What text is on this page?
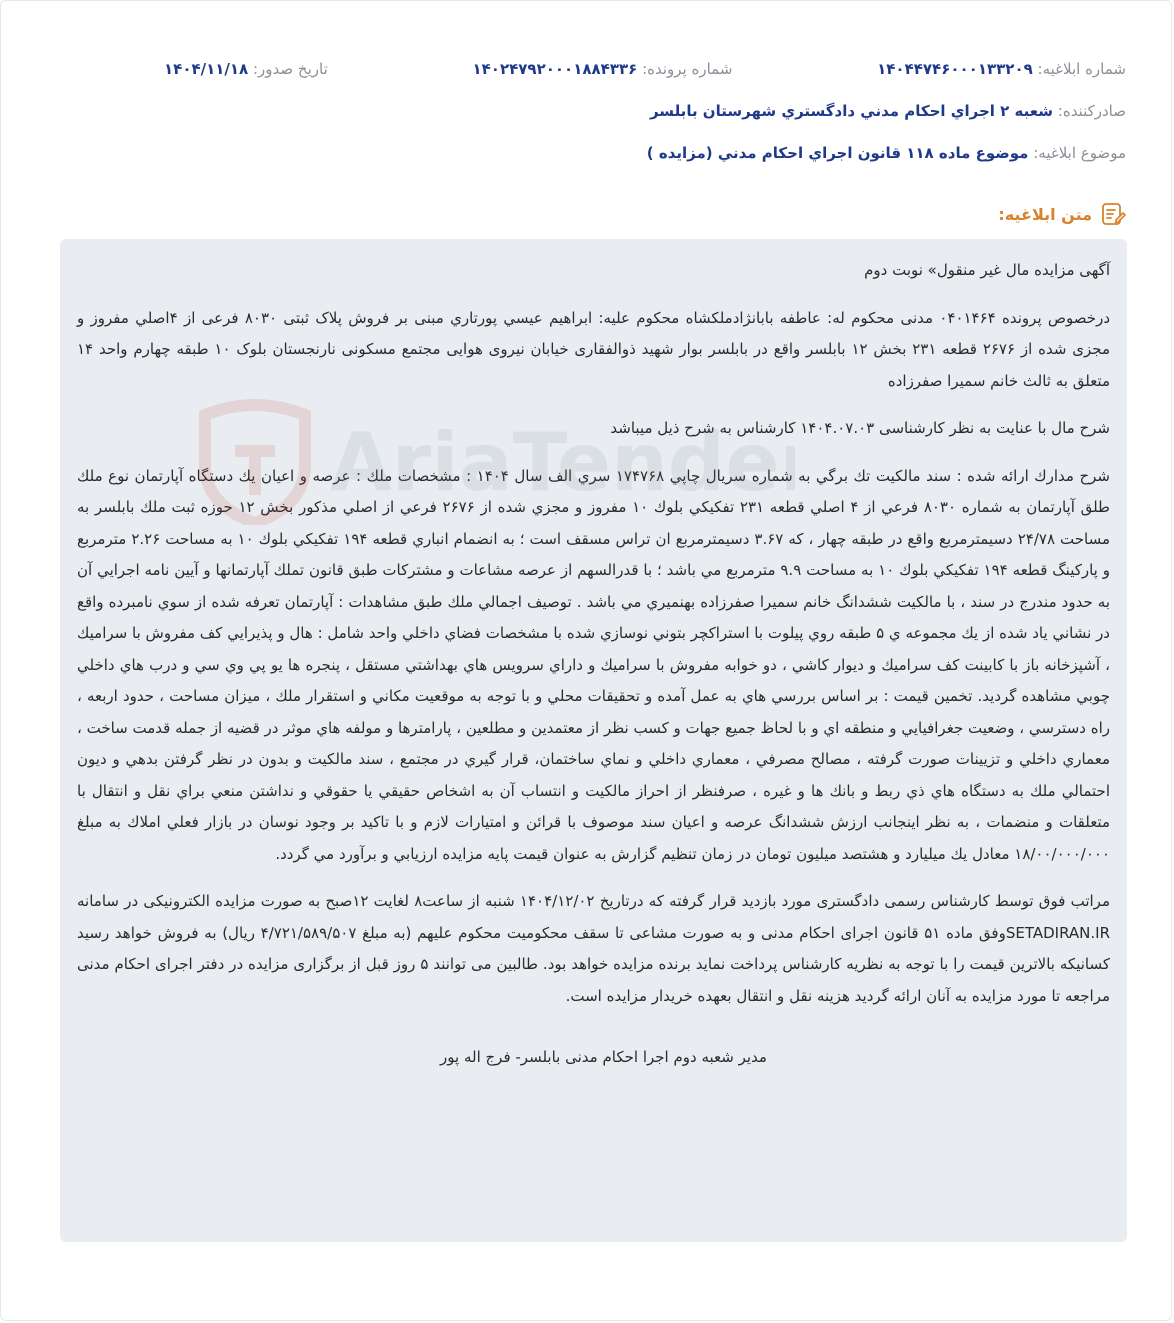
شماره ابلاغيه: ۱۴۰۴۴۷۴۶۰۰۰۱۳۳۲۰۹
شماره پرونده: ۱۴۰۲۴۷۹۲۰۰۰۱۸۸۴۳۳۶
تاريخ صدور: ۱۴۰۴/۱۱/۱۸
صادرکننده: شعبه ۲ اجراي احکام مدني دادگستري شهرستان بابلسر
موضوع ابلاغيه: موضوع ماده ۱۱۸ قانون اجراي احکام مدني (مزايده )
متن ابلاغيه:

آگهی مزایده مال غیر منقول» نوبت دوم

درخصوص پرونده ۰۴۰۱۴۶۴ مدنی محکوم له: عاطفه بابانژادملکشاه محکوم علیه: ابراهیم عیسي پورتاري مبنی بر فروش پلاک ثبتی ۸۰۳۰ فرعی از ۴اصلي مفروز و مجزی شده از ۲۶۷۶ قطعه ۲۳۱ بخش ۱۲ بابلسر واقع در بابلسر بوار شهید ذوالفقاری خیابان نیروی هوایی مجتمع مسکونی نارنجستان بلوک ۱۰ طبقه چهارم واحد ۱۴ متعلق به ثالث خانم سمیرا صفرزاده

شرح مال با عنایت به نظر کارشناسی ۱۴۰۴.۰۷.۰۳ کارشناس به شرح ذیل میباشد

شرح مدارك ارائه شده : سند مالكيت تك برگي به شماره سريال چاپي ۱۷۴۷۶۸ سري الف سال ۱۴۰۴ : مشخصات ملك : عرصه و اعيان يك دستگاه آپارتمان نوع ملك طلق آپارتمان به شماره ۸۰۳۰ فرعي از ۴ اصلي قطعه ۲۳۱ تفكيكي بلوك ۱۰ مفروز و مجزي شده از ۲۶۷۶ فرعي از اصلي مذكور بخش ۱۲ حوزه ثبت ملك بابلسر به مساحت ۲۴/۷۸ دسيمترمربع واقع در طبقه چهار ، كه ۳.۶۷ دسيمترمربع ان تراس مسقف است ؛ به انضمام انباري قطعه ۱۹۴ تفكيكي بلوك ۱۰ به مساحت ۲.۲۶ مترمربع و پاركينگ قطعه ۱۹۴ تفكيكي بلوك ۱۰ به مساحت ۹.۹ مترمربع مي باشد ؛ با قدرالسهم از عرصه مشاعات و مشتركات طبق قانون تملك آپارتمانها و آيين نامه اجرايي آن به حدود مندرج در سند ، با مالكيت ششدانگ خانم سميرا صفرزاده بهنميري مي باشد . توصيف اجمالي ملك طبق مشاهدات : آپارتمان تعرفه شده از سوي نامبرده واقع در نشاني ياد شده از يك مجموعه ي ۵ طبقه روي پيلوت با استراكچر بتوني نوسازي شده با مشخصات فضاي داخلي واحد شامل : هال و پذيرايي كف مفروش با سراميك ، آشپزخانه باز با كابينت كف سراميك و ديوار كاشي ، دو خوابه مفروش با سراميك و داراي سرويس هاي بهداشتي مستقل ، پنجره ها يو پي وي سي و درب هاي داخلي چوبي مشاهده گرديد. تخمين قيمت : بر اساس بررسي هاي به عمل آمده و تحقيقات محلي و با توجه به موقعيت مكاني و استقرار ملك ، ميزان مساحت ، حدود اربعه ، راه دسترسي ، وضعيت جغرافيايي و منطقه اي و با لحاظ جميع جهات و كسب نظر از معتمدين و مطلعين ، پارامترها و مولفه هاي موثر در قضيه از جمله قدمت ساخت ، معماري داخلي و تزيينات صورت گرفته ، مصالح مصرفي ، معماري داخلي و نماي ساختمان، قرار گيري در مجتمع ، سند مالكيت و بدون در نظر گرفتن بدهي و ديون احتمالي ملك به دستگاه هاي ذي ربط و بانك ها و غيره ، صرفنظر از احراز مالكيت و انتساب آن به اشخاص حقيقي يا حقوقي و نداشتن منعي براي نقل و انتقال با متعلقات و منضمات ، به نظر اينجانب ارزش ششدانگ عرصه و اعيان سند موصوف با قرائن و امتيارات لازم و با تاكيد بر وجود نوسان در بازار فعلي املاك به مبلغ ۱۸/۰۰/۰۰۰/۰۰۰ معادل يك ميليارد و هشتصد ميليون تومان در زمان تنظيم گزارش به عنوان قيمت پايه مزايده ارزيابي و برآورد مي گردد.

مراتب فوق توسط کارشناس رسمی دادگستری مورد بازدید قرار گرفته که درتاریخ ۱۴۰۴/۱۲/۰۲ شنبه از ساعت۸ لغایت ۱۲صبح به صورت مزایده الکترونیکی در سامانه SETADIRAN.IRوفق ماده ۵۱ قانون اجرای احکام مدنی و به صورت مشاعی تا سقف محکومیت محکوم علیهم (به مبلغ ۴/۷۲۱/۵۸۹/۵۰۷ ریال) به فروش خواهد رسید کسانیکه بالاترین قیمت را با توجه به نظریه کارشناس پرداخت نماید برنده مزایده خواهد بود. طالبین می توانند ۵ روز قبل از برگزاری مزایده در دفتر اجرای احکام مدنی مراجعه تا مورد مزایده به آنان ارائه گردید هزینه نقل و انتقال بعهده خریدار مزایده است.

مدیر شعبه دوم اجرا احکام مدنی بابلسر- فرج اله پور
